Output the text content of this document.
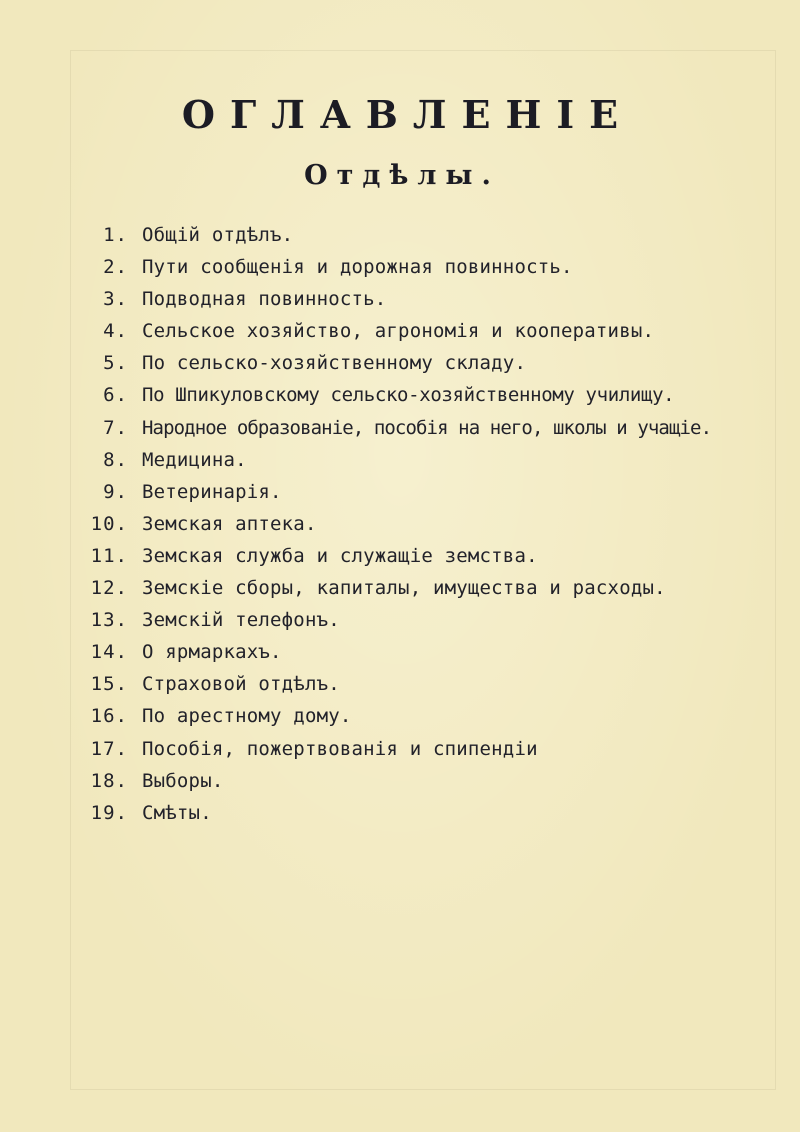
ОГЛАВЛЕНІЕ
Отдѣлы.
1. Общій отдѣлъ.
2. Пути сообщенія и дорожная повинность.
3. Подводная повинность.
4. Сельское хозяйство, агрономія и кооперативы.
5. По сельско-хозяйственному складу.
6. По Шпикуловскому сельско-хозяйственному училищу.
7. Народное образованіе, пособія на него, школы и учащіе.
8. Медицина.
9. Ветеринарія.
10. Земская аптека.
11. Земская служба и служащіе земства.
12. Земскіе сборы, капиталы, имущества и расходы.
13. Земскій телефонъ.
14. О ярмаркахъ.
15. Страховой отдѣлъ.
16. По арестному дому.
17. Пособія, пожертвованія и спипендіи
18. Выборы.
19. Смѣты.
